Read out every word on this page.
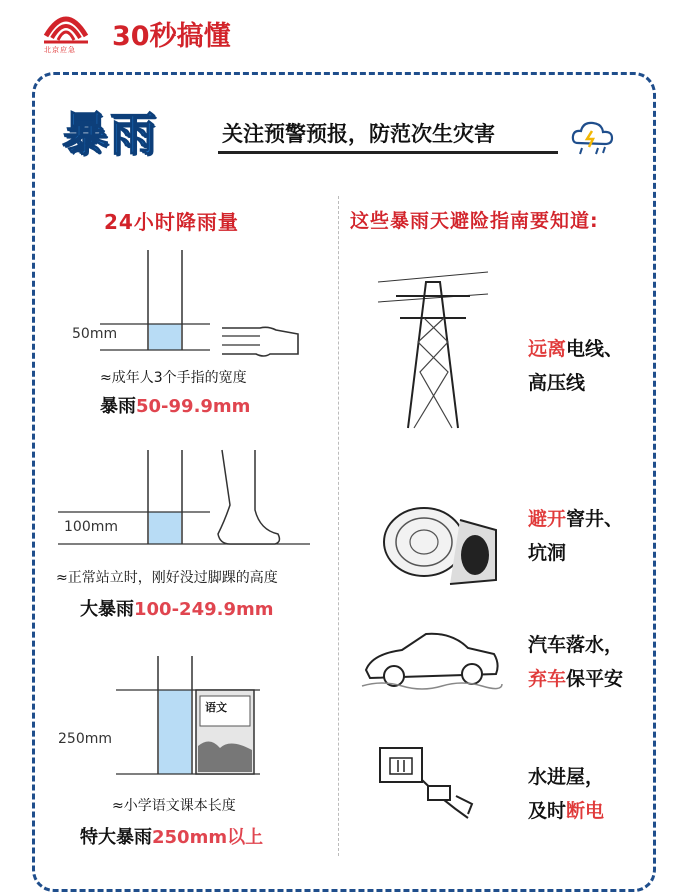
北京应急 30秒搞懂
暴雨	关注预警预报，防范次生灾害
24小时降雨量
50mm
≈成年人3个手指的宽度
暴雨50-99.9mm
100mm
≈正常站立时，刚好没过脚踝的高度
大暴雨100-249.9mm
250mm
语文
≈小学语文课本长度
特大暴雨250mm以上
这些暴雨天避险指南要知道:
远离电线、
高压线
避开窨井、
坑洞
汽车落水，
弃车保平安
水进屋，
及时断电
